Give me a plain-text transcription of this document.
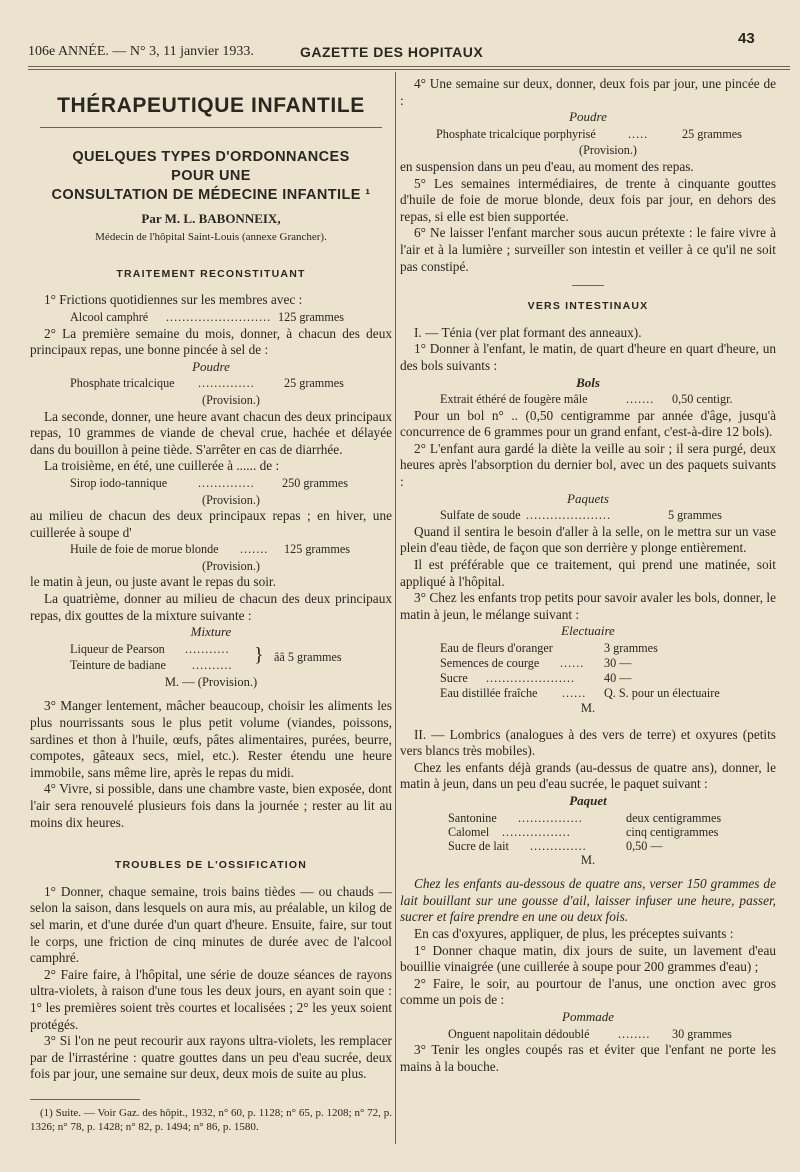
106e ANNÉE. — N° 3, 11 janvier 1933.	GAZETTE DES HOPITAUX
43
THÉRAPEUTIQUE INFANTILE
QUELQUES TYPES D'ORDONNANCES
POUR UNE
CONSULTATION DE MÉDECINE INFANTILE ¹
Par M. L. BABONNEIX,
Médecin de l'hôpital Saint-Louis (annexe Grancher).
TRAITEMENT RECONSTITUANT

1° Frictions quotidiennes sur les membres avec :

Alcool camphré .......................... 125 grammes

2° La première semaine du mois, donner, à chacun des deux principaux repas, une bonne pincée à sel de :

Poudre
Phosphate tricalcique .............. 25 grammes
(Provision.)

La seconde, donner, une heure avant chacun des deux principaux repas, 10 grammes de viande de cheval crue, hachée et délayée dans du bouillon à peine tiède. S'arrêter en cas de diarrhée.

La troisième, en été, une cuillerée à ...... de :

Sirop iodo-tannique	.............. 250 grammes
(Provision.)

au milieu de chacun des deux principaux repas ; en hiver, une cuillerée à soupe d'

Huile de foie de morue blonde ....... 125 grammes
(Provision.)

le matin à jeun, ou juste avant le repas du soir.

La quatrième, donner au milieu de chacun des deux principaux repas, dix gouttes de la mixture suivante :

Mixture
Liqueur de Pearson ...........
Teinture de badiane .......... } ââ 5 grammes
M. — (Provision.)

3° Manger lentement, mâcher beaucoup, choisir les aliments les plus nourrissants sous le plus petit volume (viandes, poissons, sardines et thon à l'huile, œufs, pâtes alimentaires, purées, beurre, compotes, gâteaux secs, miel, etc.). Rester étendu une heure immobile, sans même lire, après le repas du midi.

4° Vivre, si possible, dans une chambre vaste, bien exposée, dont l'air sera renouvelé plusieurs fois dans la journée ; rester au lit au moins dix heures.

TROUBLES DE L'OSSIFICATION

1° Donner, chaque semaine, trois bains tièdes — ou chauds — selon la saison, dans lesquels on aura mis, au préalable, un kilog de sel marin, et d'une durée d'un quart d'heure. Ensuite, faire, sur tout le corps, une friction de cinq minutes de durée avec de l'alcool camphré.

2° Faire faire, à l'hôpital, une série de douze séances de rayons ultra-violets, à raison d'une tous les deux jours, en ayant soin que : 1° les premières soient très courtes et localisées ; 2° les yeux soient protégés.

3° Si l'on ne peut recourir aux rayons ultra-violets, les remplacer par de l'irrastérine : quatre gouttes dans un peu d'eau sucrée, deux fois par jour, une semaine sur deux, deux mois de suite au plus.

(1) Suite. — Voir Gaz. des hôpit., 1932, n° 60, p. 1128; n° 65, p. 1208; n° 72, p. 1326; n° 78, p. 1428; n° 82, p. 1494; n° 86, p. 1580.

4° Une semaine sur deux, donner, deux fois par jour, une pincée de :

Poudre
Phosphate tricalcique porphyrisé	.....	25 grammes
(Provision.)

en suspension dans un peu d'eau, au moment des repas.

5° Les semaines intermédiaires, de trente à cinquante gouttes d'huile de foie de morue blonde, deux fois par jour, en dehors des repas, si elle est bien supportée.

6° Ne laisser l'enfant marcher sous aucun prétexte : le faire vivre à l'air et à la lumière ; surveiller son intestin et veiller à ce qu'il ne soit pas constipé.

VERS INTESTINAUX

I. — Ténia (ver plat formant des anneaux).

1° Donner à l'enfant, le matin, de quart d'heure en quart d'heure, un des bols suivants :

Bols
Extrait éthéré de fougère mâle	....... 0,50 centigr.

Pour un bol n° .. (0,50 centigramme par année d'âge, jusqu'à concurrence de 6 grammes pour un grand enfant, c'est-à-dire 12 bols).

2° L'enfant aura gardé la diète la veille au soir ; il sera purgé, deux heures après l'absorption du dernier bol, avec un des paquets suivants :

Paquets
Sulfate de soude .....................	5 grammes

Quand il sentira le besoin d'aller à la selle, on le mettra sur un vase plein d'eau tiède, de façon que son derrière y plonge entièrement.

Il est préférable que ce traitement, qui prend une matinée, soit appliqué à l'hôpital.

3° Chez les enfants trop petits pour savoir avaler les bols, donner, le matin à jeun, le mélange suivant :

Electuaire
Eau de fleurs d'oranger	3 grammes
Semences de courge ...... 30 —
Sucre ...................... 40 —
Eau distillée fraîche ...... Q. S. pour un électuaire
M.

II. — Lombrics (analogues à des vers de terre) et oxyures (petits vers blancs très mobiles).

Chez les enfants déjà grands (au-dessus de quatre ans), donner, le matin à jeun, dans un peu d'eau sucrée, le paquet suivant :

Paquet
Santonine ................	deux centigrammes
Calomel .................	cinq centigrammes
Sucre de lait ..............	0,50 —
M.

Chez les enfants au-dessous de quatre ans, verser 150 grammes de lait bouillant sur une gousse d'ail, laisser infuser une heure, passer, sucrer et faire prendre en une ou deux fois.

En cas d'oxyures, appliquer, de plus, les préceptes suivants :

1° Donner chaque matin, dix jours de suite, un lavement d'eau bouillie vinaigrée (une cuillerée à soupe pour 200 grammes d'eau) ;

2° Faire, le soir, au pourtour de l'anus, une onction avec gros comme un pois de :

Pommade
Onguent napolitain dédoublé ........ 30 grammes

3° Tenir les ongles coupés ras et éviter que l'enfant ne porte les mains à la bouche.
